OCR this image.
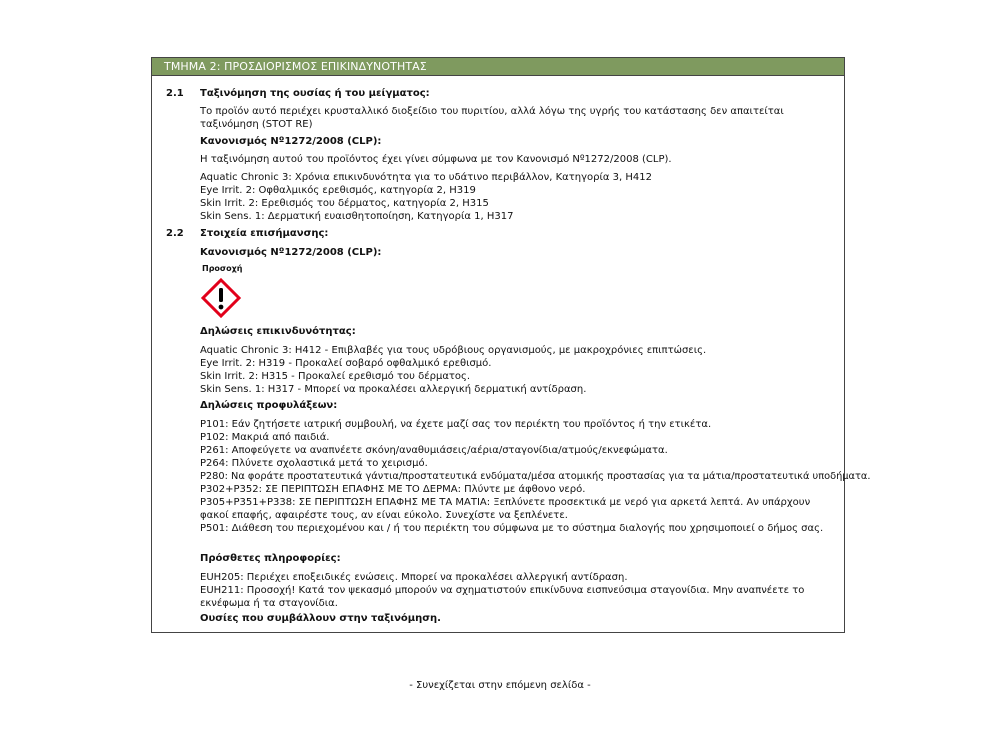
ΤΜΗΜΑ 2: ΠΡΟΣΔΙΟΡΙΣΜΟΣ ΕΠΙΚΙΝΔΥΝΟΤΗΤΑΣ
2.1 Ταξινόμηση της ουσίας ή του μείγματος:
Το προϊόν αυτό περιέχει κρυσταλλικό διοξείδιο του πυριτίου, αλλά λόγω της υγρής του κατάστασης δεν απαιτείται ταξινόμηση (STOT RE)
Κανονισμός Nº1272/2008 (CLP):
Η ταξινόμηση αυτού του προϊόντος έχει γίνει σύμφωνα με τον Κανονισμό Nº1272/2008 (CLP).
Aquatic Chronic 3: Χρόνια επικινδυνότητα για το υδάτινο περιβάλλον, Κατηγορία 3, H412
Eye Irrit. 2: Οφθαλμικός ερεθισμός, κατηγορία 2, H319
Skin Irrit. 2: Ερεθισμός του δέρματος, κατηγορία 2, H315
Skin Sens. 1: Δερματική ευαισθητοποίηση, Κατηγορία 1, H317
2.2 Στοιχεία επισήμανσης:
Κανονισμός Nº1272/2008 (CLP):
Προσοχή
Δηλώσεις επικινδυνότητας:
Aquatic Chronic 3: H412 - Επιβλαβές για τους υδρόβιους οργανισμούς, με μακροχρόνιες επιπτώσεις.
Eye Irrit. 2: H319 - Προκαλεί σοβαρό οφθαλμικό ερεθισμό.
Skin Irrit. 2: H315 - Προκαλεί ερεθισμό του δέρματος.
Skin Sens. 1: H317 - Μπορεί να προκαλέσει αλλεργική δερματική αντίδραση.
Δηλώσεις προφυλάξεων:
P101: Εάν ζητήσετε ιατρική συμβουλή, να έχετε μαζί σας τον περιέκτη του προϊόντος ή την ετικέτα.
P102: Μακριά από παιδιά.
P261: Αποφεύγετε να αναπνέετε σκόνη/αναθυμιάσεις/αέρια/σταγονίδια/ατμούς/εκνεφώματα.
P264: Πλύνετε σχολαστικά μετά το χειρισμό.
P280: Να φοράτε προστατευτικά γάντια/προστατευτικά ενδύματα/μέσα ατομικής προστασίας για τα μάτια/προστατευτικά υποδήματα.
P302+P352: ΣΕ ΠΕΡΙΠΤΩΣΗ ΕΠΑΦΗΣ ΜΕ ΤΟ ΔΕΡΜΑ: Πλύντε με άφθονο νερό.
P305+P351+P338: ΣΕ ΠΕΡΙΠΤΩΣΗ ΕΠΑΦΗΣ ΜΕ ΤΑ ΜΑΤΙΑ: Ξεπλύνετε προσεκτικά με νερό για αρκετά λεπτά. Αν υπάρχουν φακοί επαφής, αφαιρέστε τους, αν είναι εύκολο. Συνεχίστε να ξεπλένετε.
P501: Διάθεση του περιεχομένου και / ή του περιέκτη του σύμφωνα με το σύστημα διαλογής που χρησιμοποιεί ο δήμος σας.
Πρόσθετες πληροφορίες:
EUH205: Περιέχει εποξειδικές ενώσεις. Μπορεί να προκαλέσει αλλεργική αντίδραση.
EUH211: Προσοχή! Κατά τον ψεκασμό μπορούν να σχηματιστούν επικίνδυνα εισπνεύσιμα σταγονίδια. Μην αναπνέετε το εκνέφωμα ή τα σταγονίδια.
Ουσίες που συμβάλλουν στην ταξινόμηση.
- Συνεχίζεται στην επόμενη σελίδα -
